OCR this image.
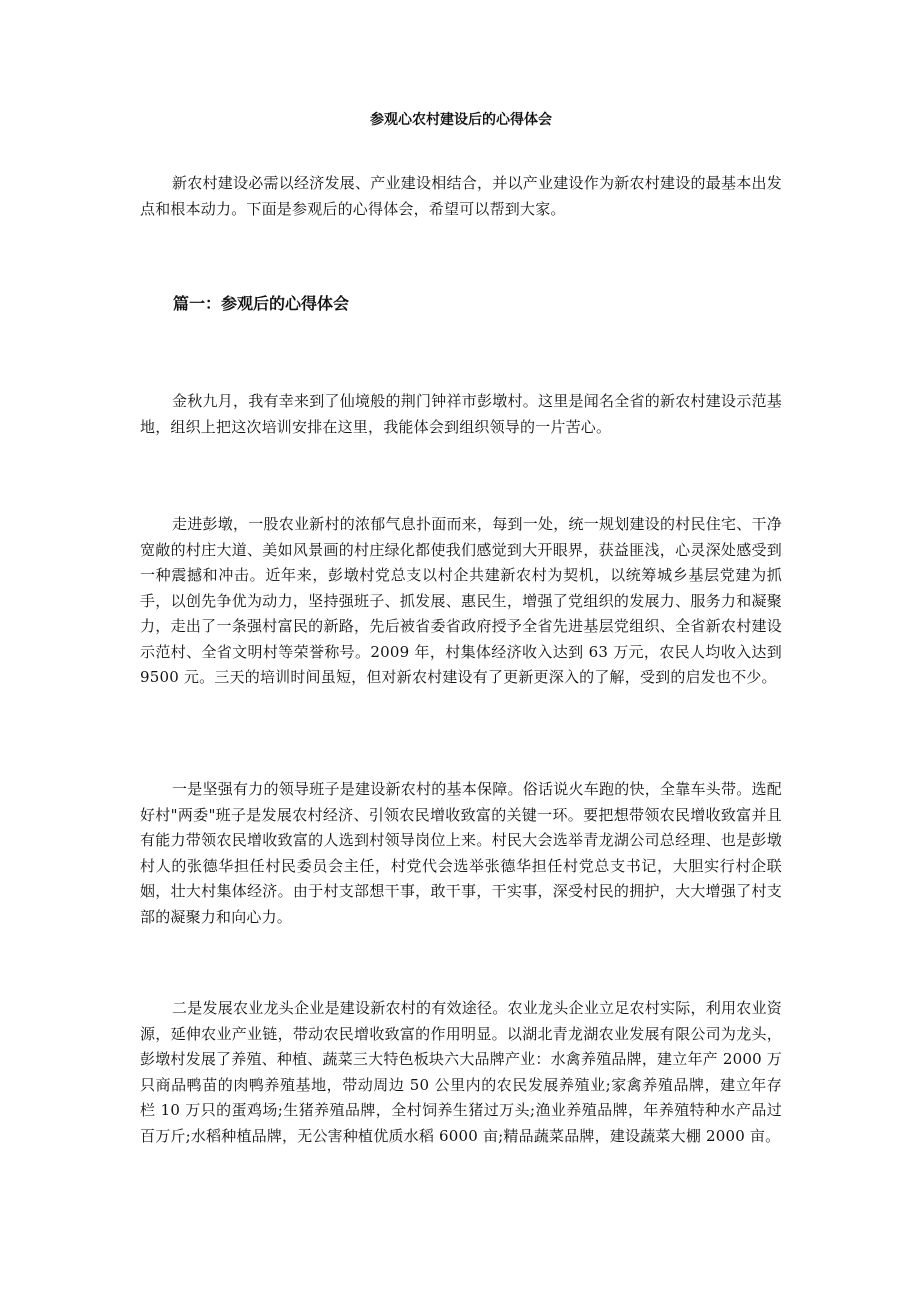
参观心农村建设后的心得体会

新农村建设必需以经济发展、产业建设相结合，并以产业建设作为新农村建设的最基本出发点和根本动力。下面是参观后的心得体会，希望可以帮到大家。

篇一：参观后的心得体会

金秋九月，我有幸来到了仙境般的荆门钟祥市彭墩村。这里是闻名全省的新农村建设示范基地，组织上把这次培训安排在这里，我能体会到组织领导的一片苦心。

走进彭墩，一股农业新村的浓郁气息扑面而来，每到一处，统一规划建设的村民住宅、干净宽敞的村庄大道、美如风景画的村庄绿化都使我们感觉到大开眼界，获益匪浅，心灵深处感受到一种震撼和冲击。近年来，彭墩村党总支以村企共建新农村为契机，以统筹城乡基层党建为抓手，以创先争优为动力，坚持强班子、抓发展、惠民生，增强了党组织的发展力、服务力和凝聚力，走出了一条强村富民的新路，先后被省委省政府授予全省先进基层党组织、全省新农村建设示范村、全省文明村等荣誉称号。2009 年，村集体经济收入达到 63 万元，农民人均收入达到 9500 元。三天的培训时间虽短，但对新农村建设有了更新更深入的了解，受到的启发也不少。

一是坚强有力的领导班子是建设新农村的基本保障。俗话说火车跑的快，全靠车头带。选配好村"两委"班子是发展农村经济、引领农民增收致富的关键一环。要把想带领农民增收致富并且有能力带领农民增收致富的人选到村领导岗位上来。村民大会选举青龙湖公司总经理、也是彭墩村人的张德华担任村民委员会主任，村党代会选举张德华担任村党总支书记，大胆实行村企联姻，壮大村集体经济。由于村支部想干事，敢干事，干实事，深受村民的拥护，大大增强了村支部的凝聚力和向心力。

二是发展农业龙头企业是建设新农村的有效途径。农业龙头企业立足农村实际，利用农业资源，延伸农业产业链，带动农民增收致富的作用明显。以湖北青龙湖农业发展有限公司为龙头，彭墩村发展了养殖、种植、蔬菜三大特色板块六大品牌产业：水禽养殖品牌，建立年产 2000 万只商品鸭苗的肉鸭养殖基地，带动周边 50 公里内的农民发展养殖业;家禽养殖品牌，建立年存栏 10 万只的蛋鸡场;生猪养殖品牌，全村饲养生猪过万头;渔业养殖品牌，年养殖特种水产品过百万斤;水稻种植品牌，无公害种植优质水稻 6000 亩;精品蔬菜品牌，建设蔬菜大棚 2000 亩。
